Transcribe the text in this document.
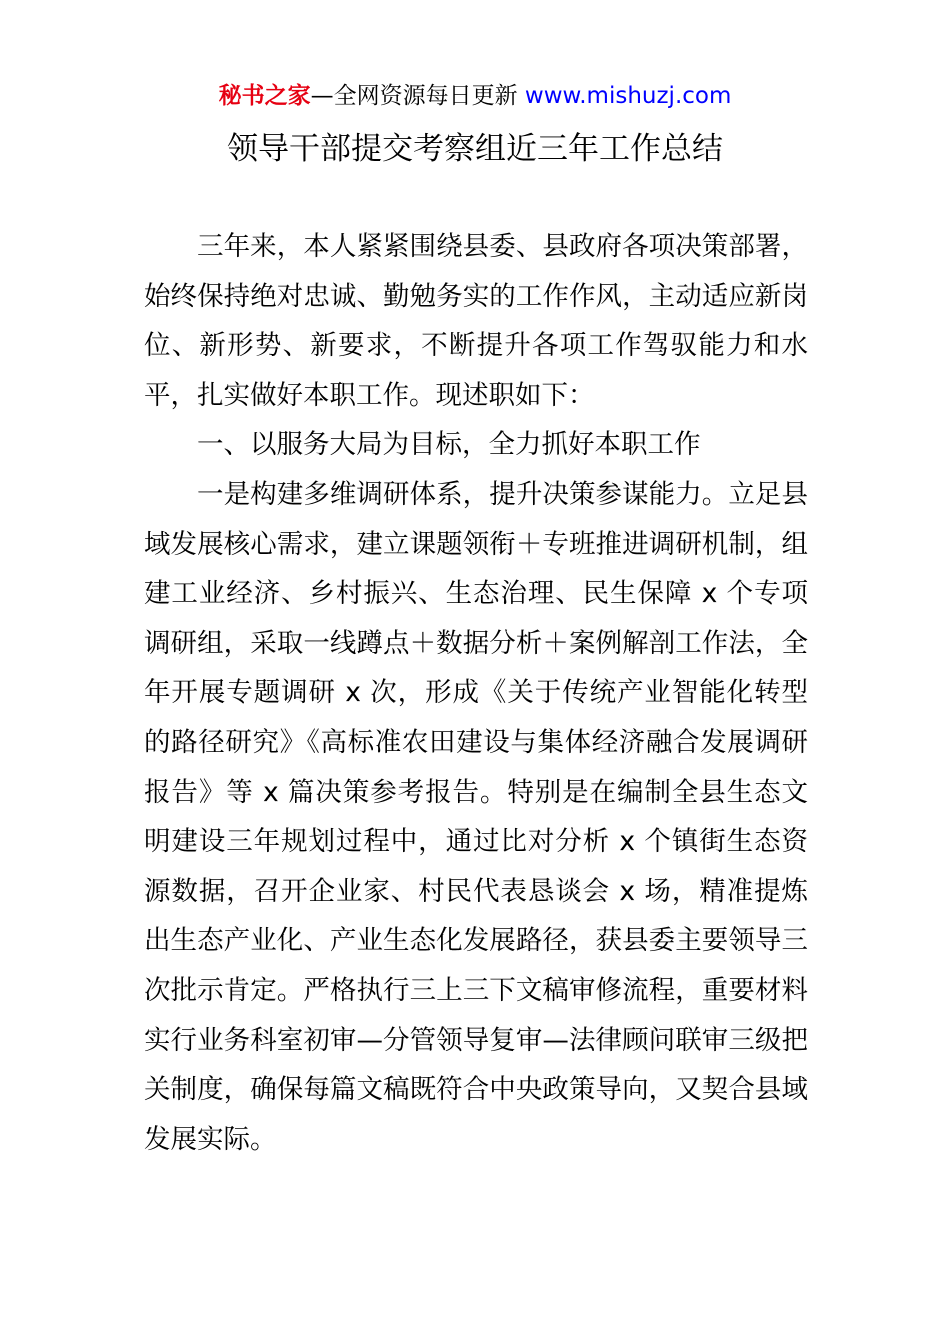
秘书之家—全网资源每日更新 www.mishuzj.com
领导干部提交考察组近三年工作总结

三年来，本人紧紧围绕县委、县政府各项决策部署，始终保持绝对忠诚、勤勉务实的工作作风，主动适应新岗位、新形势、新要求，不断提升各项工作驾驭能力和水平，扎实做好本职工作。现述职如下：

一、以服务大局为目标，全力抓好本职工作

一是构建多维调研体系，提升决策参谋能力。立足县域发展核心需求，建立课题领衔＋专班推进调研机制，组建工业经济、乡村振兴、生态治理、民生保障 x 个专项调研组，采取一线蹲点＋数据分析＋案例解剖工作法，全年开展专题调研 x 次，形成《关于传统产业智能化转型的路径研究》《高标准农田建设与集体经济融合发展调研报告》等 x 篇决策参考报告。特别是在编制全县生态文明建设三年规划过程中，通过比对分析 x 个镇街生态资源数据，召开企业家、村民代表恳谈会 x 场，精准提炼出生态产业化、产业生态化发展路径，获县委主要领导三次批示肯定。严格执行三上三下文稿审修流程，重要材料实行业务科室初审—分管领导复审—法律顾问联审三级把关制度，确保每篇文稿既符合中央政策导向，又契合县域发展实际。
